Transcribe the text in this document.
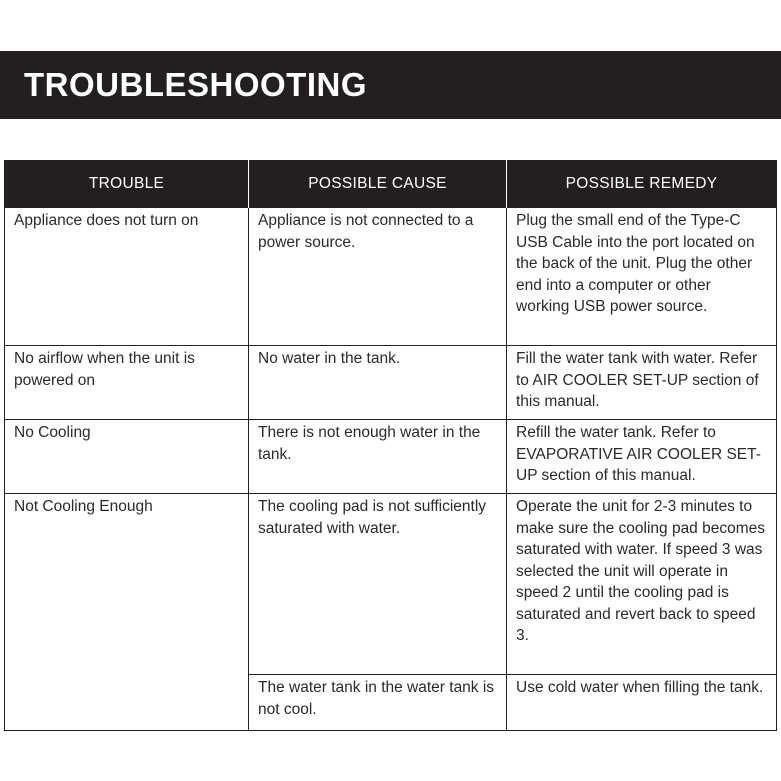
TROUBLESHOOTING
TROUBLE	POSSIBLE CAUSE	POSSIBLE REMEDY
Appliance does not turn on	Appliance is not connected to a power source.	Plug the small end of the Type-C USB Cable into the port located on the back of the unit. Plug the other end into a computer or other working USB power source.
No airflow when the unit is powered on	No water in the tank.	Fill the water tank with water. Refer to AIR COOLER SET-UP section of this manual.
No Cooling	There is not enough water in the tank.	Refill the water tank. Refer to EVAPORATIVE AIR COOLER SET-UP section of this manual.
Not Cooling Enough	The cooling pad is not sufficiently saturated with water.	Operate the unit for 2-3 minutes to make sure the cooling pad becomes saturated with water. If speed 3 was selected the unit will operate in speed 2 until the cooling pad is saturated and revert back to speed 3.
	The water tank in the water tank is not cool.	Use cold water when filling the tank.
